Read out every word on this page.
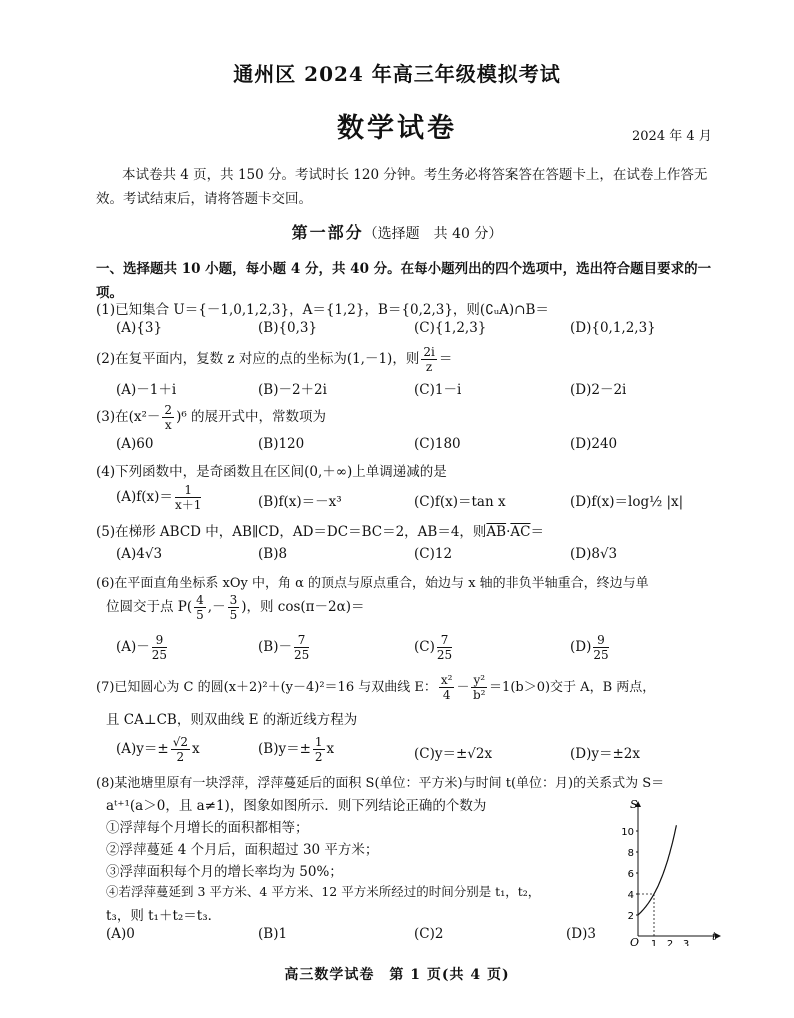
通州区 2024 年高三年级模拟考试
数学试卷	2024 年 4 月
本试卷共 4 页，共 150 分。考试时长 120 分钟。考生务必将答案答在答题卡上，在试卷上作答无效。考试结束后，请将答题卡交回。
第一部分（选择题　共 40 分）
一、选择题共 10 小题，每小题 4 分，共 40 分。在每小题列出的四个选项中，选出符合题目要求的一项。
(1)已知集合 U＝{－1,0,1,2,3}，A＝{1,2}，B＝{0,2,3}，则(∁ᵤA)∩B＝
(A){3}	(B){0,3}	(C){1,2,3}	(D){0,1,2,3}
(2)在复平面内，复数 z 对应的点的坐标为(1,－1)，则 $\frac{2i}{z}$ ＝
(A)－1＋i	(B)－2＋2i	(C)1－i	(D)2－2i
(3)在$(x^2- \frac{2}{x} )^6$ 的展开式中，常数项为
(A)60	(B)120	(C)180	(D)240
(4)下列函数中，是奇函数且在区间(0,＋∞)上单调递减的是
$(A)f(x)= \frac{1}{x+1}$	(B)f(x)＝－x³	(C)f(x)＝tan x	(D)f(x)＝log½ |x|
(5)在梯形 ABCD 中，AB∥CD，AD＝DC＝BC＝2，AB＝4，则$\overline{AB}\cdot\overline{AC}=$
(A)4√3	(B)8	(C)12	(D)8√3
(6)在平面直角坐标系 xOy 中，角 α 的顶点与原点重合，始边与 x 轴的非负半轴重合，终边与单
位圆交于点 $P( \frac{4}{5}$ ,－ $\frac{3}{5}$ )，则 cos(π－2α)＝
$(A)- \frac{9}{25}$	$(B)- \frac{7}{25}$	$(C) \frac{7}{25}$	$(D) \frac{9}{25}$
(7)已知圆心为 C 的圆(x＋2)²＋(y－4)²＝16 与双曲线 E： $\frac{\text{x²}}{4} - \frac{\text{y²}}{\text{b²}} =1(b>0)$交于 A，B 两点，
且 CA⊥CB，则双曲线 E 的渐近线方程为
$(A)y=\pm \frac{√2}{2}$ x	$(B)y=\pm \frac{1}{2}$ x	(C)y＝±√2x	(D)y＝±2x
(8)某池塘里原有一块浮萍，浮萍蔓延后的面积 S(单位：平方米)与时间 t(单位：月)的关系式为 S＝
aᵗ⁺¹(a＞0，且 a≠1)，图象如图所示．则下列结论正确的个数为
①浮萍每个月增长的面积都相等；
②浮萍蔓延 4 个月后，面积超过 30 平方米；
③浮萍面积每个月的增长率均为 50%；
④若浮萍蔓延到 3 平方米、4 平方米、12 平方米所经过的时间分别是 t₁，t₂，
t₃，则 t₁＋t₂＝t₃．
(A)0	(B)1	(C)2	(D)3
S
t
O
2
4
6
8
10
1 2 3
高三数学试卷　第 1 页(共 4 页)
